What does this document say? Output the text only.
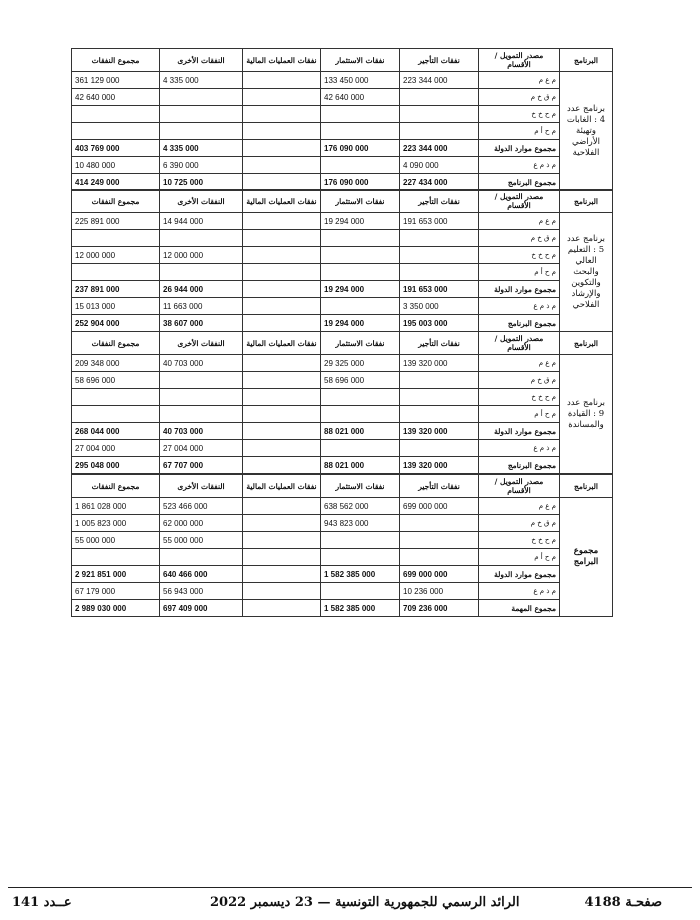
البرنامج	مصدر التمويل / الأقسام	نفقات التأجير	نفقات الاستثمار	نفقات العمليات المالية	النفقات الأخرى	مجموع النفقات
برنامج عدد 4 : الغابات وتهيئة الأراضي الفلاحية	م ع م	223 344 000	133 450 000		4 335 000	361 129 000
	م ق خ م		42 640 000			42 640 000
	م ح خ خ					
	م ح أ م					
	مجموع موارد الدولة	223 344 000	176 090 000		4 335 000	403 769 000
	م ذ م ع	4 090 000			6 390 000	10 480 000
	مجموع البرنامج	227 434 000	176 090 000		10 725 000	414 249 000
البرنامج	مصدر التمويل / الأقسام	نفقات التأجير	نفقات الاستثمار	نفقات العمليات المالية	النفقات الأخرى	مجموع النفقات
برنامج عدد 5 : التعليم العالي والبحث والتكوين والإرشاد الفلاحي	م ع م	191 653 000	19 294 000		14 944 000	225 891 000
	م ق خ م					
	م ح خ خ				12 000 000	12 000 000
	م ح أ م					
	مجموع موارد الدولة	191 653 000	19 294 000		26 944 000	237 891 000
	م ذ م ع	3 350 000			11 663 000	15 013 000
	مجموع البرنامج	195 003 000	19 294 000		38 607 000	252 904 000
البرنامج	مصدر التمويل / الأقسام	نفقات التأجير	نفقات الاستثمار	نفقات العمليات المالية	النفقات الأخرى	مجموع النفقات
برنامج عدد 9 : القيادة والمساندة	م ع م	139 320 000	29 325 000		40 703 000	209 348 000
	م ق خ م		58 696 000			58 696 000
	م ح خ خ					
	م ح أ م					
	مجموع موارد الدولة	139 320 000	88 021 000		40 703 000	268 044 000
	م ذ م ع				27 004 000	27 004 000
	مجموع البرنامج	139 320 000	88 021 000		67 707 000	295 048 000
البرنامج	مصدر التمويل / الأقسام	نفقات التأجير	نفقات الاستثمار	نفقات العمليات المالية	النفقات الأخرى	مجموع النفقات
مجموع البرامج	م ع م	699 000 000	638 562 000		523 466 000	1 861 028 000
	م ق خ م		943 823 000		62 000 000	1 005 823 000
	م ح خ خ				55 000 000	55 000 000
	م ح أ م					
	مجموع موارد الدولة	699 000 000	1 582 385 000		640 466 000	2 921 851 000
	م ذ م ع	10 236 000			56 943 000	67 179 000
	مجموع المهمة	709 236 000	1 582 385 000		697 409 000	2 989 030 000
صفحـة 4188
الرائد الرسمي للجمهورية التونسية — 23 ديسمبر 2022
عــدد 141
